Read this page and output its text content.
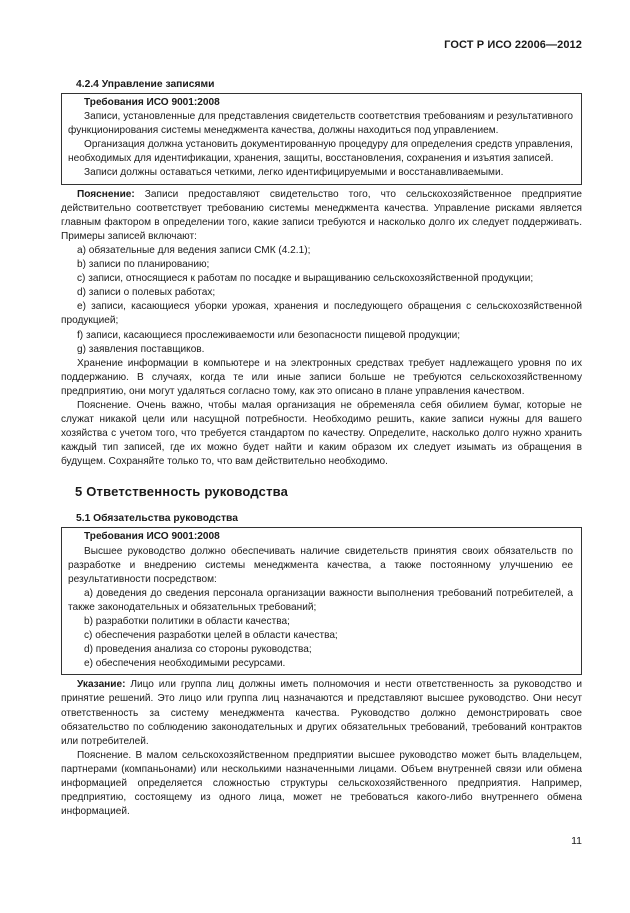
ГОСТ Р ИСО 22006—2012
4.2.4 Управление записями

Требования ИСО 9001:2008

Записи, установленные для представления свидетельств соответствия требованиям и результативного функционирования системы менеджмента качества, должны находиться под управлением.

Организация должна установить документированную процедуру для определения средств управления, необходимых для идентификации, хранения, защиты, восстановления, сохранения и изъятия записей.

Записи должны оставаться четкими, легко идентифицируемыми и восстанавливаемыми.

Пояснение: Записи предоставляют свидетельство того, что сельскохозяйственное предприятие действительно соответствует требованию системы менеджмента качества. Управление рисками является главным фактором в определении того, какие записи требуются и насколько долго их следует поддерживать. Примеры записей включают:

a) обязательные для ведения записи СМК (4.2.1);

b) записи по планированию;

c) записи, относящиеся к работам по посадке и выращиванию сельскохозяйственной продукции;

d) записи о полевых работах;

e) записи, касающиеся уборки урожая, хранения и последующего обращения с сельскохозяйственной продукцией;

f) записи, касающиеся прослеживаемости или безопасности пищевой продукции;

g) заявления поставщиков.

Хранение информации в компьютере и на электронных средствах требует надлежащего уровня по их поддержанию. В случаях, когда те или иные записи больше не требуются сельскохозяйственному предприятию, они могут удаляться согласно тому, как это описано в плане управления качеством.

Пояснение. Очень важно, чтобы малая организация не обременяла себя обилием бумаг, которые не служат никакой цели или насущной потребности. Необходимо решить, какие записи нужны для вашего хозяйства с учетом того, что требуется стандартом по качеству. Определите, насколько долго нужно хранить каждый тип записей, где их можно будет найти и каким образом их следует изымать из обращения в будущем. Сохраняйте только то, что вам действительно необходимо.

5 Ответственность руководства
5.1 Обязательства руководства

Требования ИСО 9001:2008

Высшее руководство должно обеспечивать наличие свидетельств принятия своих обязательств по разработке и внедрению системы менеджмента качества, а также постоянному улучшению ее результативности посредством:

a) доведения до сведения персонала организации важности выполнения требований потребителей, а также законодательных и обязательных требований;

b) разработки политики в области качества;

c) обеспечения разработки целей в области качества;

d) проведения анализа со стороны руководства;

e) обеспечения необходимыми ресурсами.

Указание: Лицо или группа лиц должны иметь полномочия и нести ответственность за руководство и принятие решений. Это лицо или группа лиц назначаются и представляют высшее руководство. Они несут ответственность за систему менеджмента качества. Руководство должно демонстрировать свое обязательство по соблюдению законодательных и других обязательных требований, требований контрактов или потребителей.

Пояснение. В малом сельскохозяйственном предприятии высшее руководство может быть владельцем, партнерами (компаньонами) или несколькими назначенными лицами. Объем внутренней связи или обмена информацией определяется сложностью структуры сельскохозяйственного предприятия. Например, предприятию, состоящему из одного лица, может не требоваться какого-либо внутреннего обмена информацией.

11
